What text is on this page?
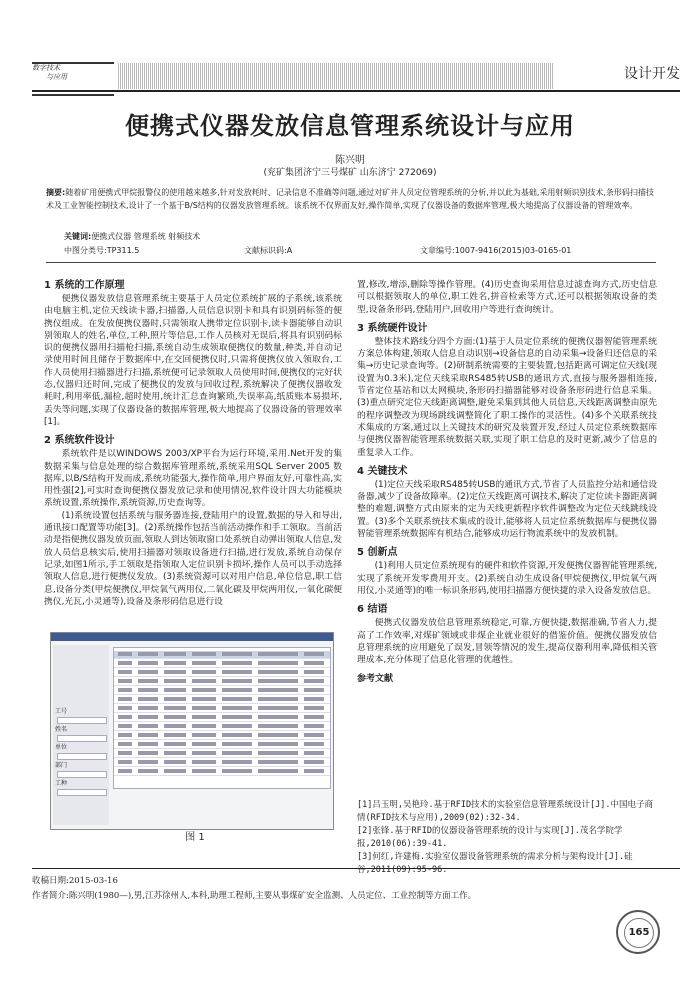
数字技术
与应用	设计开发
便携式仪器发放信息管理系统设计与应用
陈兴明
(兖矿集团济宁三号煤矿 山东济宁 272069)
摘要:随着矿用便携式甲烷报警仪的使用越来越多,针对发放耗时、记录信息不准确等问题,通过对矿井人员定位管理系统的分析,并以此为基础,采用射频识别技术,条形码扫描技术及工业智能控制技术,设计了一个基于B/S结构的仪器发放管理系统。该系统不仅界面友好,操作简单,实现了仪器设备的数据库管理,极大地提高了仪器设备的管理效率。
关键词:便携式仪器 管理系统 射频技术
中图分类号:TP311.5	文献标识码:A	文章编号:1007-9416(2015)03-0165-01
1 系统的工作原理

便携仪器发放信息管理系统主要基于人员定位系统扩展的子系统,该系统由电脑主机,定位天线读卡器,扫描器,人员信息识别卡和具有识别码标签的便携仪组成。在发放便携仪器时,只需领取人携带定位识别卡,读卡器能够自动识别领取人的姓名,单位,工种,照片等信息,工作人员核对无误后,将具有识别码标识的便携仪器用扫描枪扫描,系统自动生成领取便携仪的数量,种类,并自动记录使用时间且储存于数据库中,在交回便携仪时,只需将便携仪放入领取台,工作人员使用扫描器进行扫描,系统便可记录领取人员使用时间,便携仪的完好状态,仪器归还时间,完成了便携仪的发放与回收过程,系统解决了便携仪器收发耗时,利用率低,漏检,超时使用,统计汇总查询繁琐,失误率高,纸质账本易损坏,丢失等问题,实现了仪器设备的数据库管理,极大地提高了仪器设备的管理效率[1]。

2 系统软件设计

系统软件是以WINDOWS 2003/XP平台为运行环境,采用.Net开发的集数据采集与信息处理的综合数据库管理系统,系统采用SQL Server 2005 数据库,以B/S结构开发而成,系统功能强大,操作简单,用户界面友好,可靠性高,实用性强[2],可实时查询便携仪器发放记录和使用情况,软件设计四大功能模块系统设置,系统操作,系统资源,历史查询等。

(1)系统设置包括系统与服务器连接,登陆用户的设置,数据的导入和导出,通讯接口配置等功能[3]。(2)系统操作包括当前活动操作和手工领取。当前活动是指便携仪器发放页面,领取人到达领取窗口处系统自动弹出领取人信息,发放人员信息核实后,使用扫描器对领取设备进行扫描,进行发放,系统自动保存记录,如图1所示,手工领取是指领取人定位识别卡损坏,操作人员可以手动选择领取人信息,进行便携仪发放。(3)系统资源可以对用户信息,单位信息,职工信息,设备分类(甲烷便携仪,甲烷氧气两用仪,二氧化碳及甲烷两用仪,一氧化碳便携仪,光瓦,小灵通等),设备及条形码信息进行设

工号
姓名
单位
部门
工种
图 1

置,修改,增添,删除等操作管理。(4)历史查询采用信息过滤查询方式,历史信息可以根据领取人的单位,职工姓名,拼音检索等方式,还可以根据领取设备的类型,设备条形码,登陆用户,回收用户等进行查询统计。

3 系统硬件设计

整体技术路线分四个方面:(1)基于人员定位系统的便携仪器智能管理系统方案总体构建,领取人信息自动识别→设备信息的自动采集→设备归还信息的采集→历史记录查询等。(2)研制系统需要的主要装置,包括距离可调定位天线(现设置为0.3米),定位天线采取RS485转USB的通讯方式,直接与服务器相连接,节省定位基站和以太网模块,条形码扫描器能够对设备条形码进行信息采集。(3)重点研究定位天线距离调整,避免采集到其他人员信息,天线距离调整由原先的程序调整改为现场跳线调整简化了职工操作的灵活性。(4)多个关联系统技术集成的方案,通过以上关键技术的研究及装置开发,经过人员定位系统数据库与便携仪器智能管理系统数据关联,实现了职工信息的及时更新,减少了信息的重复录入工作。

4 关键技术

(1)定位天线采取RS485转USB的通讯方式,节省了人员监控分站和通信设备器,减少了设备故障率。(2)定位天线距离可调技术,解决了定位读卡器距离调整的难题,调整方式由原来的定为天线更新程序软件调整改为定位天线跳线设置。(3)多个关联系统技术集成的设计,能够将人员定位系统数据库与便携仪器智能管理系统数据库有机结合,能够成功运行物流系统中的发放机制。

5 创新点

(1)利用人员定位系统现有的硬件和软件资源,开发便携仪器智能管理系统,实现了系统开发零费用开支。(2)系统自动生成设备(甲烷便携仪,甲烷氧气两用仪,小灵通等)的唯一标识条形码,使用扫描器方便快捷的录入设备发放信息。

6 结语

便携式仪器发放信息管理系统稳定,可靠,方便快捷,数据准确,节省人力,提高了工作效率,对煤矿领域或非煤企业就业很好的借鉴价值。便携仪器发放信息管理系统的应用避免了误发,冒领等情况的发生,提高仪器利用率,降低相关管理成本,充分体现了信息化管理的优越性。

参考文献

[1]吕玉明,吴艳玲.基于RFID技术的实验室信息管理系统设计[J].中国电子商情(RFID技术与应用),2009(02):32-34.

[2]张锋.基于RFID的仪器设备管理系统的设计与实现[J].茂名学院学报,2010(06):39-41.

[3]何红,许建梅.实验室仪器设备管理系统的需求分析与架构设计[J].硅谷,2011(09):95-96.

收稿日期:2015-03-16
作者简介:陈兴明(1980—),男,江苏徐州人,本科,助理工程师,主要从事煤矿安全监测、人员定位、工业控制等方面工作。
165
